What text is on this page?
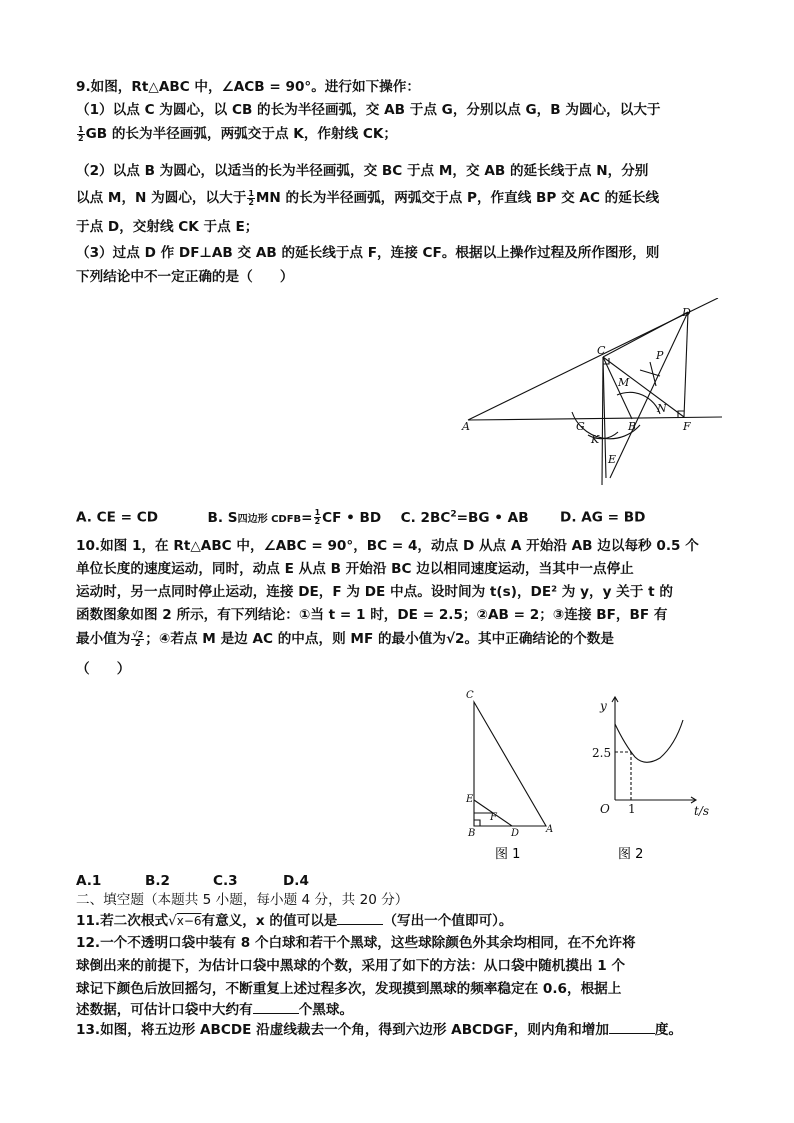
9.如图，Rt△ABC 中，∠ACB = 90°。进行如下操作：
（1）以点 C 为圆心，以 CB 的长为半径画弧，交 AB 于点 G，分别以点 G，B 为圆心，以大于
$\frac{1}{2}$ GB 的长为半径画弧，两弧交于点 K，作射线 CK；
（2）以点 B 为圆心，以适当的长为半径画弧，交 BC 于点 M，交 AB 的延长线于点 N，分别
以点 M，N 为圆心，以大于 $\frac{1}{2}$ MN 的长为半径画弧，两弧交于点 P，作直线 BP 交 AC 的延长线
于点 D，交射线 CK 于点 E；
（3）过点 D 作 DF⊥AB 交 AB 的延长线于点 F，连接 CF。根据以上操作过程及所作图形，则
下列结论中不一定正确的是（　　）
A	G
K
E
B	F
N
M
C	P
D
A. CE = CD	B. S四边形 CDFB= $\frac{1}{2}$ CF • BD C. $2BC^2=BG$ • AB D. AG = BD
10.如图 1，在 Rt△ABC 中，∠ABC = 90°，BC = 4，动点 D 从点 A 开始沿 AB 边以每秒 0.5 个
单位长度的速度运动，同时，动点 E 从点 B 开始沿 BC 边以相同速度运动，当其中一点停止
运动时，另一点同时停止运动，连接 DE，F 为 DE 中点。设时间为 t(s)，DE² 为 y，y 关于 t 的
函数图象如图 2 所示，有下列结论：①当 t = 1 时，DE = 2.5；②AB = 2；③连接 BF，BF 有
最小值为 $\frac{√2}{2}$ ；④若点 M 是边 AC 的中点，则 MF 的最小值为√2。其中正确结论的个数是
（　　）
C
E
F
B	D	A
图 1
y
2.5
O 1	t/s
图 2
A.1	B.2	C.3	D.4
二、填空题（本题共 5 小题，每小题 4 分，共 20 分）
11.若二次根式√x−6有意义，x 的值可以是	（写出一个值即可）。
12.一个不透明口袋中装有 8 个白球和若干个黑球，这些球除颜色外其余均相同，在不允许将
球倒出来的前提下，为估计口袋中黑球的个数，采用了如下的方法：从口袋中随机摸出 1 个
球记下颜色后放回摇匀，不断重复上述过程多次，发现摸到黑球的频率稳定在 0.6，根据上
述数据，可估计口袋中大约有	个黑球。
13.如图，将五边形 ABCDE 沿虚线裁去一个角，得到六边形 ABCDGF，则内角和增加	度。
